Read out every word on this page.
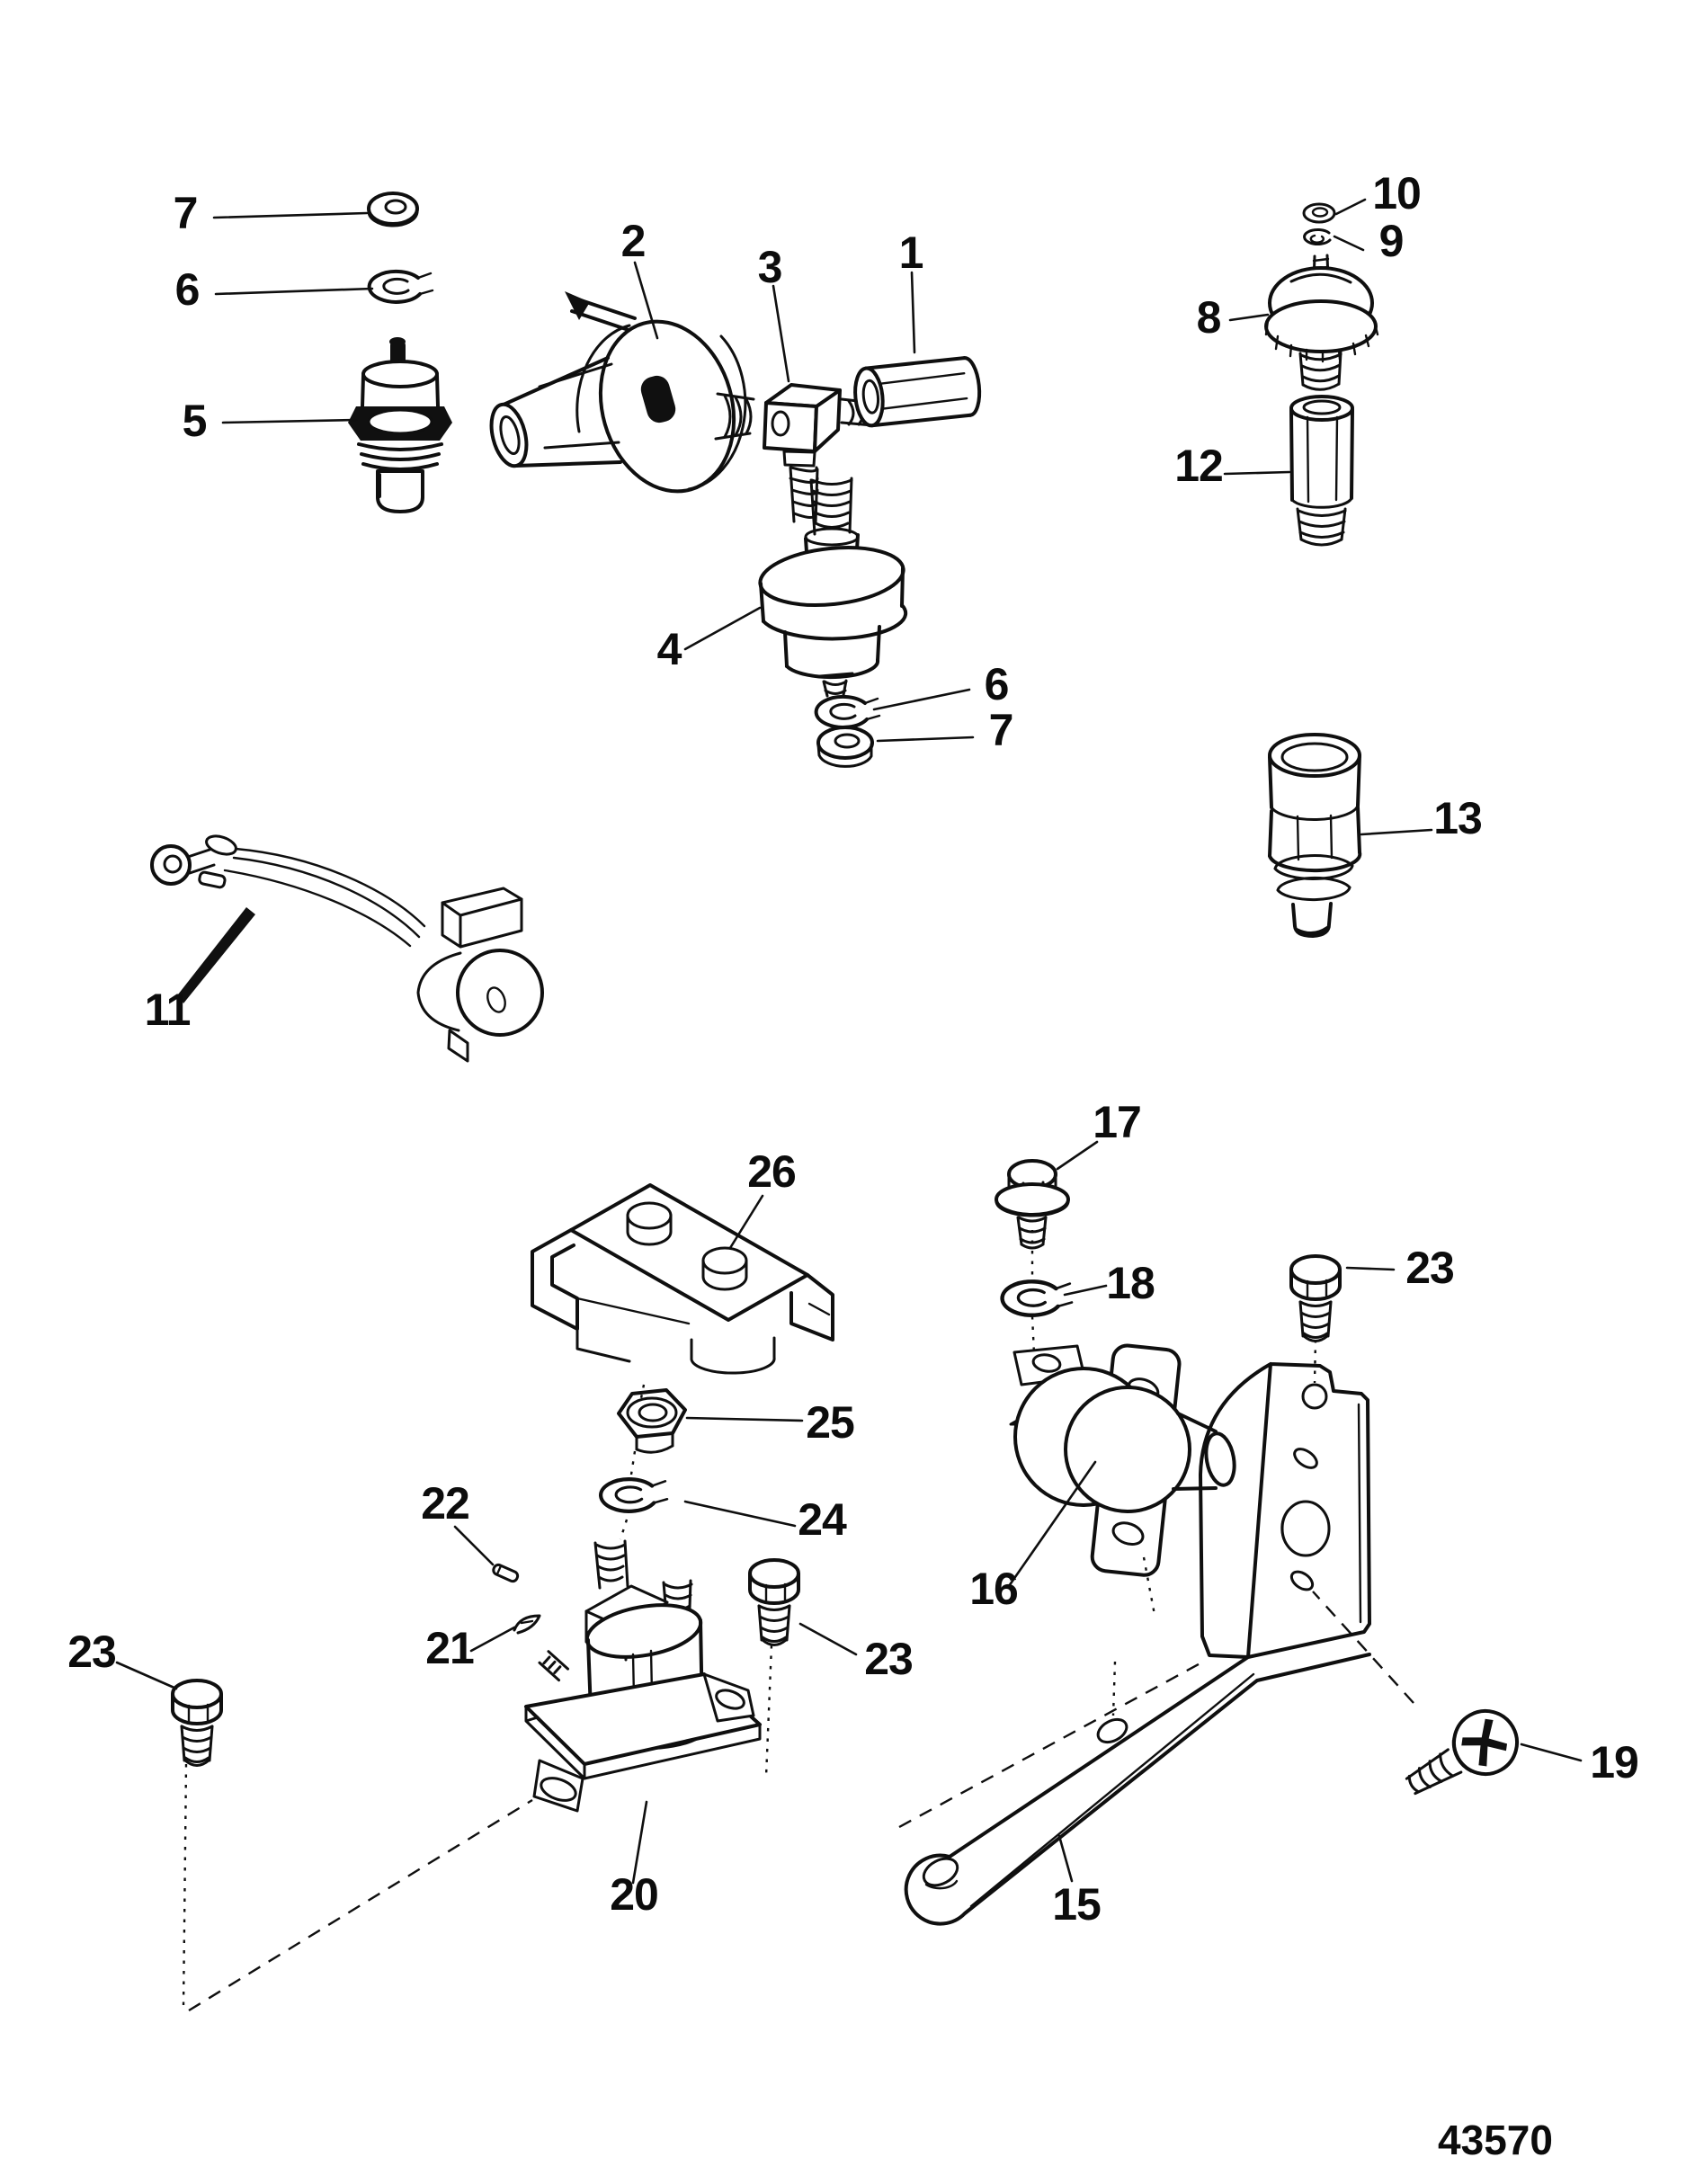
7
6
5
2
3	1
4
6
7
10
9
8
12
13
11
26
25
24
22
21
23	23
23
17
18
16
19
15
20
43570
